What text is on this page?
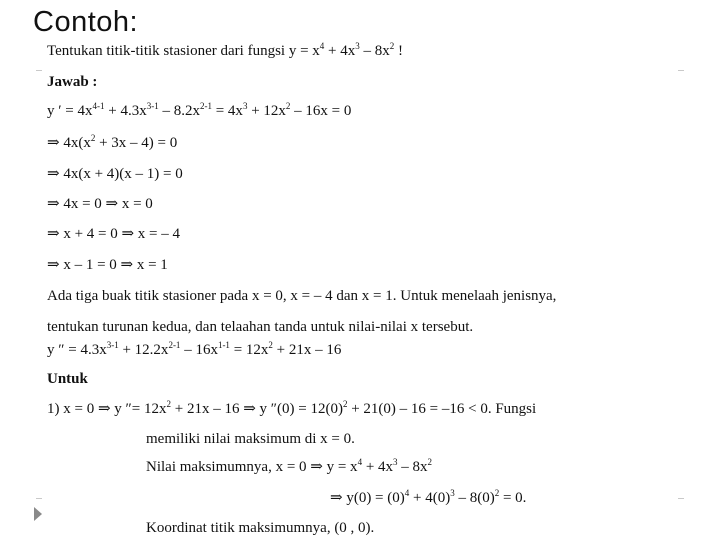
Contoh:
Tentukan titik-titik stasioner dari fungsi $y = x^4 + 4x^3 - 8x^2$ !
Jawab :
y ′ = $4x^{4-1} + 4.3x^{3-1} - 8.2x^{2-1} = 4x^3 + 12x^2 - 16x = 0$
⇒ $4x(x^2 + 3x - 4) = 0$
⇒ 4x(x + 4)(x – 1) = 0
⇒ 4x = 0 ⇒ x = 0
⇒ x + 4 = 0 ⇒ x = – 4
⇒ x – 1 = 0 ⇒ x = 1
Ada tiga buak titik stasioner pada x = 0, x = – 4 dan x = 1. Untuk menelaah jenisnya,
tentukan turunan kedua, dan telaahan tanda untuk nilai-nilai x tersebut.
y ″ = $4.3x^{3-1} + 12.2x^{2-1} - 16x^{1-1} = 12x^2 + 21x - 16$
Untuk
1) x = 0 ⇒ y ″= $12x^2 + 21x - 16$ ⇒ y $''(0) = 12(0)^2 + 21(0) - 16 = -16 < 0$. Fungsi
memiliki nilai maksimum di x = 0.
Nilai maksimumnya, x = 0 ⇒ $y = x^4 + 4x^3 - 8x^2$
⇒ $y(0) = (0)^4 + 4(0)^3 - 8(0)^2 = 0$.
Koordinat titik maksimumnya, (0 , 0).
